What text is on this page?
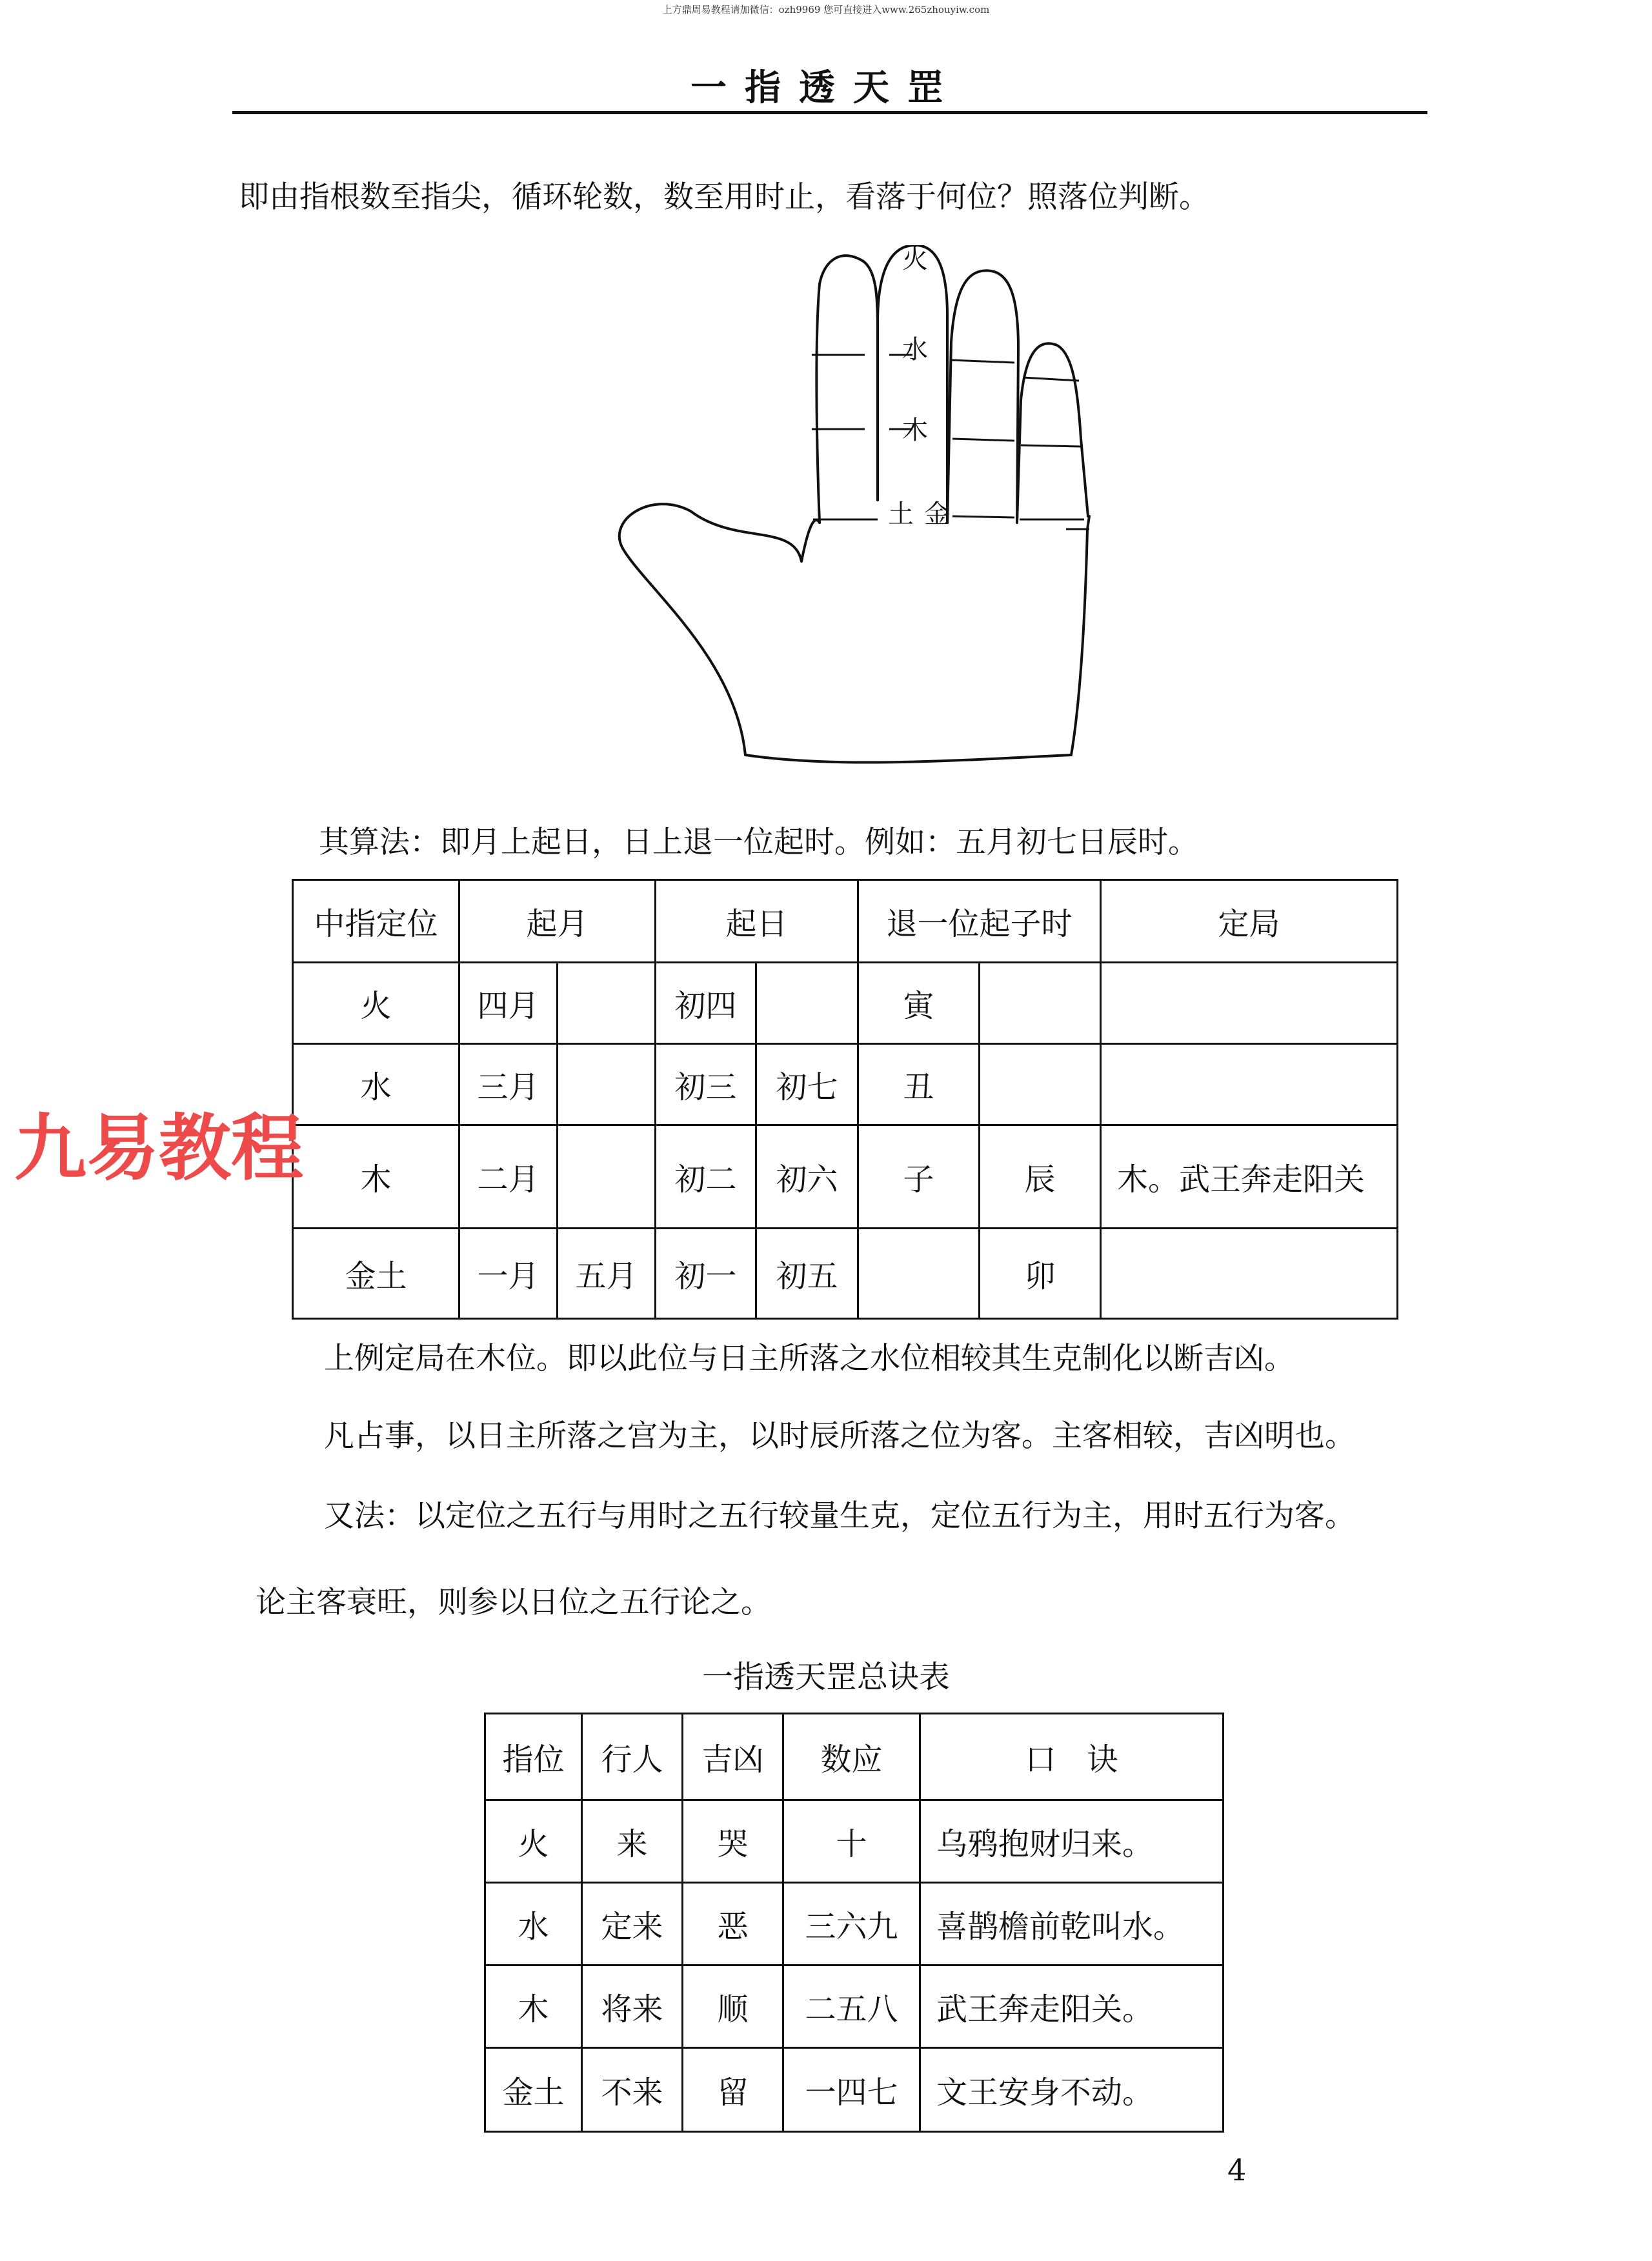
上方鼎周易教程请加微信：ozh9969 您可直接进入www.265zhouyiw.com
一指透天罡
即由指根数至指尖，循环轮数，数至用时止，看落于何位？照落位判断。
火
水
木
土 金
其算法：即月上起日，日上退一位起时。例如：五月初七日辰时。
中指定位	起月		起日		退一位起子时		定局
火	四月		初四		寅		
水	三月		初三	初七	丑		
木	二月		初二	初六	子	辰	木。武王奔走阳关
金土	一月	五月	初一	初五		卯	
九易教程
上例定局在木位。即以此位与日主所落之水位相较其生克制化以断吉凶。
凡占事，以日主所落之宫为主，以时辰所落之位为客。主客相较，吉凶明也。
又法：以定位之五行与用时之五行较量生克，定位五行为主，用时五行为客。
论主客衰旺，则参以日位之五行论之。
一指透天罡总诀表
指位	行人	吉凶	数应	口　诀
火	来	哭	十	乌鸦抱财归来。
水	定来	恶	三六九	喜鹊檐前乾叫水。
木	将来	顺	二五八	武王奔走阳关。
金土	不来	留	一四七	文王安身不动。
4
